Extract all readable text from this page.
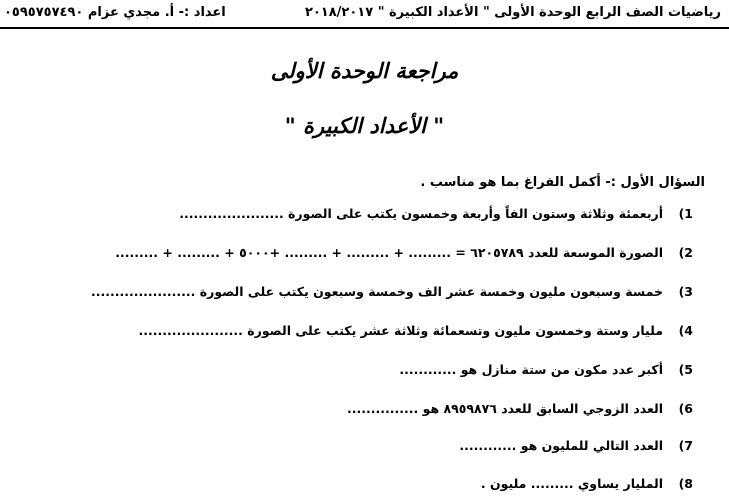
رياضيات الصف الرابع الوحدة الأولى " الأعداد الكبيرة " ٢٠١٨/٢٠١٧
اعداد :- أ. مجدي عزام ٠٥٩٥٧٥٧٤٩٠
مراجعة الوحدة الأولى
" الأعداد الكبيرة "
السؤال الأول :- أكمل الفراغ بما هو مناسب .
1)أربعمئة وثلاثة وستون الفاً وأربعة وخمسون يكتب على الصورة ......................
2)الصورة الموسعة للعدد ٦٢٠٥٧٨٩ = ......... + ......... + ......... +٥٠٠٠ + ......... + .........
3)خمسة وسبعون مليون وخمسة عشر الف وخمسة وسبعون يكتب على الصورة ......................
4)مليار وستة وخمسون مليون وتسعمائة وثلاثة عشر يكتب على الصورة ......................
5)أكبر عدد مكون من ستة منازل هو ............
6)العدد الزوجي السابق للعدد ٨٩٥٩٨٧٦ هو ...............
7)العدد التالي للمليون هو ............
8)المليار يساوي ......... مليون .
